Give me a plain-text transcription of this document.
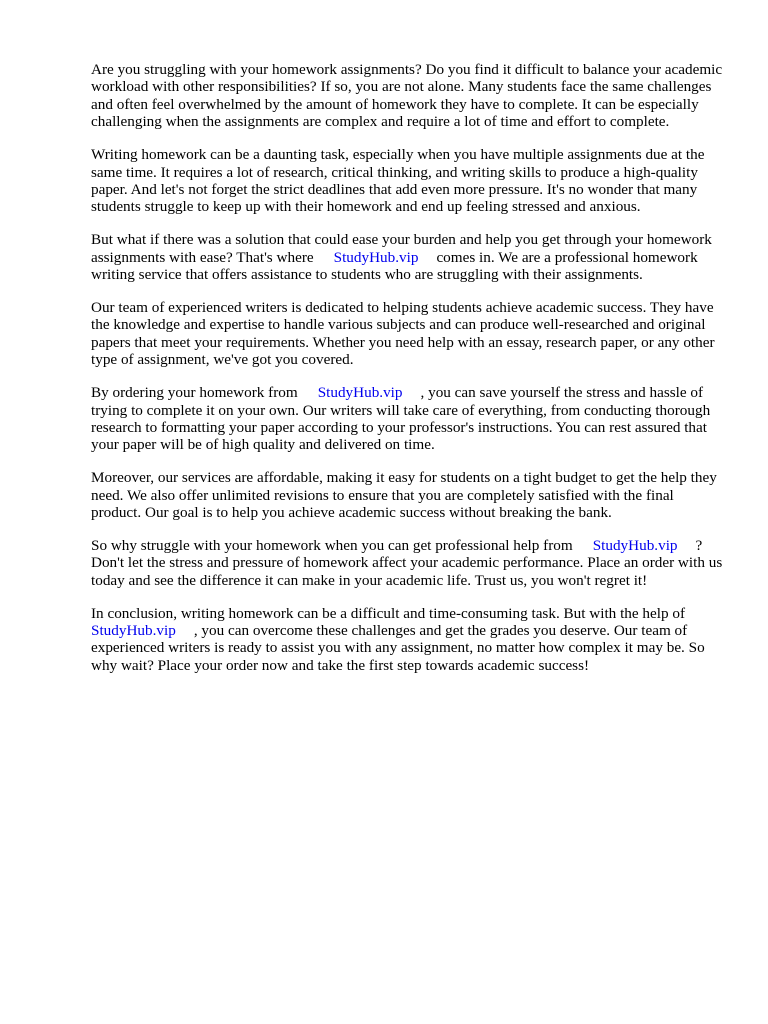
Are you struggling with your homework assignments? Do you find it difficult to balance your academic workload with other responsibilities? If so, you are not alone. Many students face the same challenges and often feel overwhelmed by the amount of homework they have to complete. It can be especially challenging when the assignments are complex and require a lot of time and effort to complete.

Writing homework can be a daunting task, especially when you have multiple assignments due at the same time. It requires a lot of research, critical thinking, and writing skills to produce a high-quality paper. And let's not forget the strict deadlines that add even more pressure. It's no wonder that many students struggle to keep up with their homework and end up feeling stressed and anxious.

But what if there was a solution that could ease your burden and help you get through your homework assignments with ease? That's where StudyHub.vip comes in. We are a professional homework writing service that offers assistance to students who are struggling with their assignments.

Our team of experienced writers is dedicated to helping students achieve academic success. They have the knowledge and expertise to handle various subjects and can produce well-researched and original papers that meet your requirements. Whether you need help with an essay, research paper, or any other type of assignment, we've got you covered.

By ordering your homework from StudyHub.vip , you can save yourself the stress and hassle of trying to complete it on your own. Our writers will take care of everything, from conducting thorough research to formatting your paper according to your professor's instructions. You can rest assured that your paper will be of high quality and delivered on time.

Moreover, our services are affordable, making it easy for students on a tight budget to get the help they need. We also offer unlimited revisions to ensure that you are completely satisfied with the final product. Our goal is to help you achieve academic success without breaking the bank.

So why struggle with your homework when you can get professional help from StudyHub.vip ? Don't let the stress and pressure of homework affect your academic performance. Place an order with us today and see the difference it can make in your academic life. Trust us, you won't regret it!

In conclusion, writing homework can be a difficult and time-consuming task. But with the help of StudyHub.vip , you can overcome these challenges and get the grades you deserve. Our team of experienced writers is ready to assist you with any assignment, no matter how complex it may be. So why wait? Place your order now and take the first step towards academic success!
